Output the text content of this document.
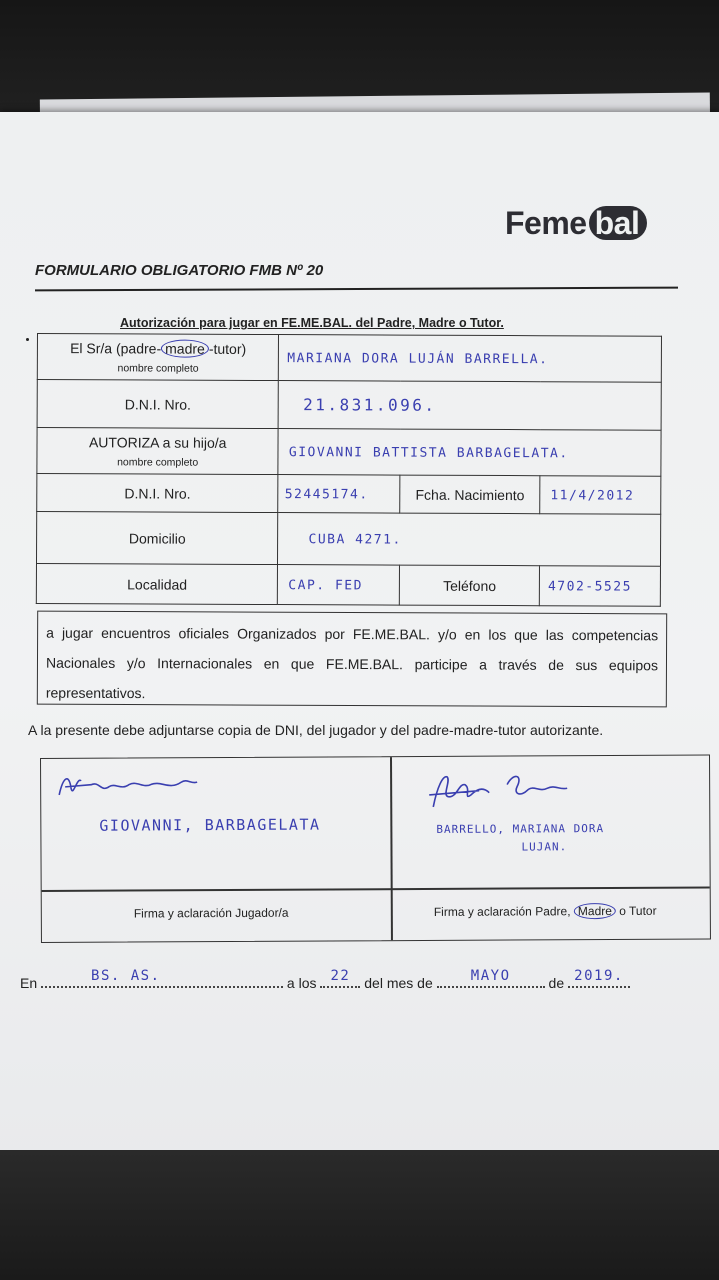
Feme bal
FORMULARIO OBLIGATORIO FMB Nº 20
Autorización para jugar en FE.ME.BAL. del Padre, Madre o Tutor.
El Sr/a (padre- madre -tutor)
nombre completo	MARIANA DORA LUJÁN BARRELLA.		
D.N.I. Nro.	21.831.096.		
AUTORIZA a su hijo/a
nombre completo	GIOVANNI BATTISTA BARBAGELATA.		
D.N.I. Nro.	52445174.	Fcha. Nacimiento	11/4/2012
Domicilio	CUBA 4271.		
Localidad	CAP. FED	Teléfono	4702-5525
a jugar encuentros oficiales Organizados por FE.ME.BAL. y/o en los que las competencias Nacionales y/o Internacionales en que FE.ME.BAL. participe a través de sus equipos representativos.
A la presente debe adjuntarse copia de DNI, del jugador y del padre-madre-tutor autorizante.
GIOVANNI, BARBAGELATA	BARRELLO, MARIANA DORA
LUJAN.
Firma y aclaración Jugador/a	Firma y aclaración Padre, Madre o Tutor
En	BS. AS.	a los 22 del mes de	MAYO	de 2019.
